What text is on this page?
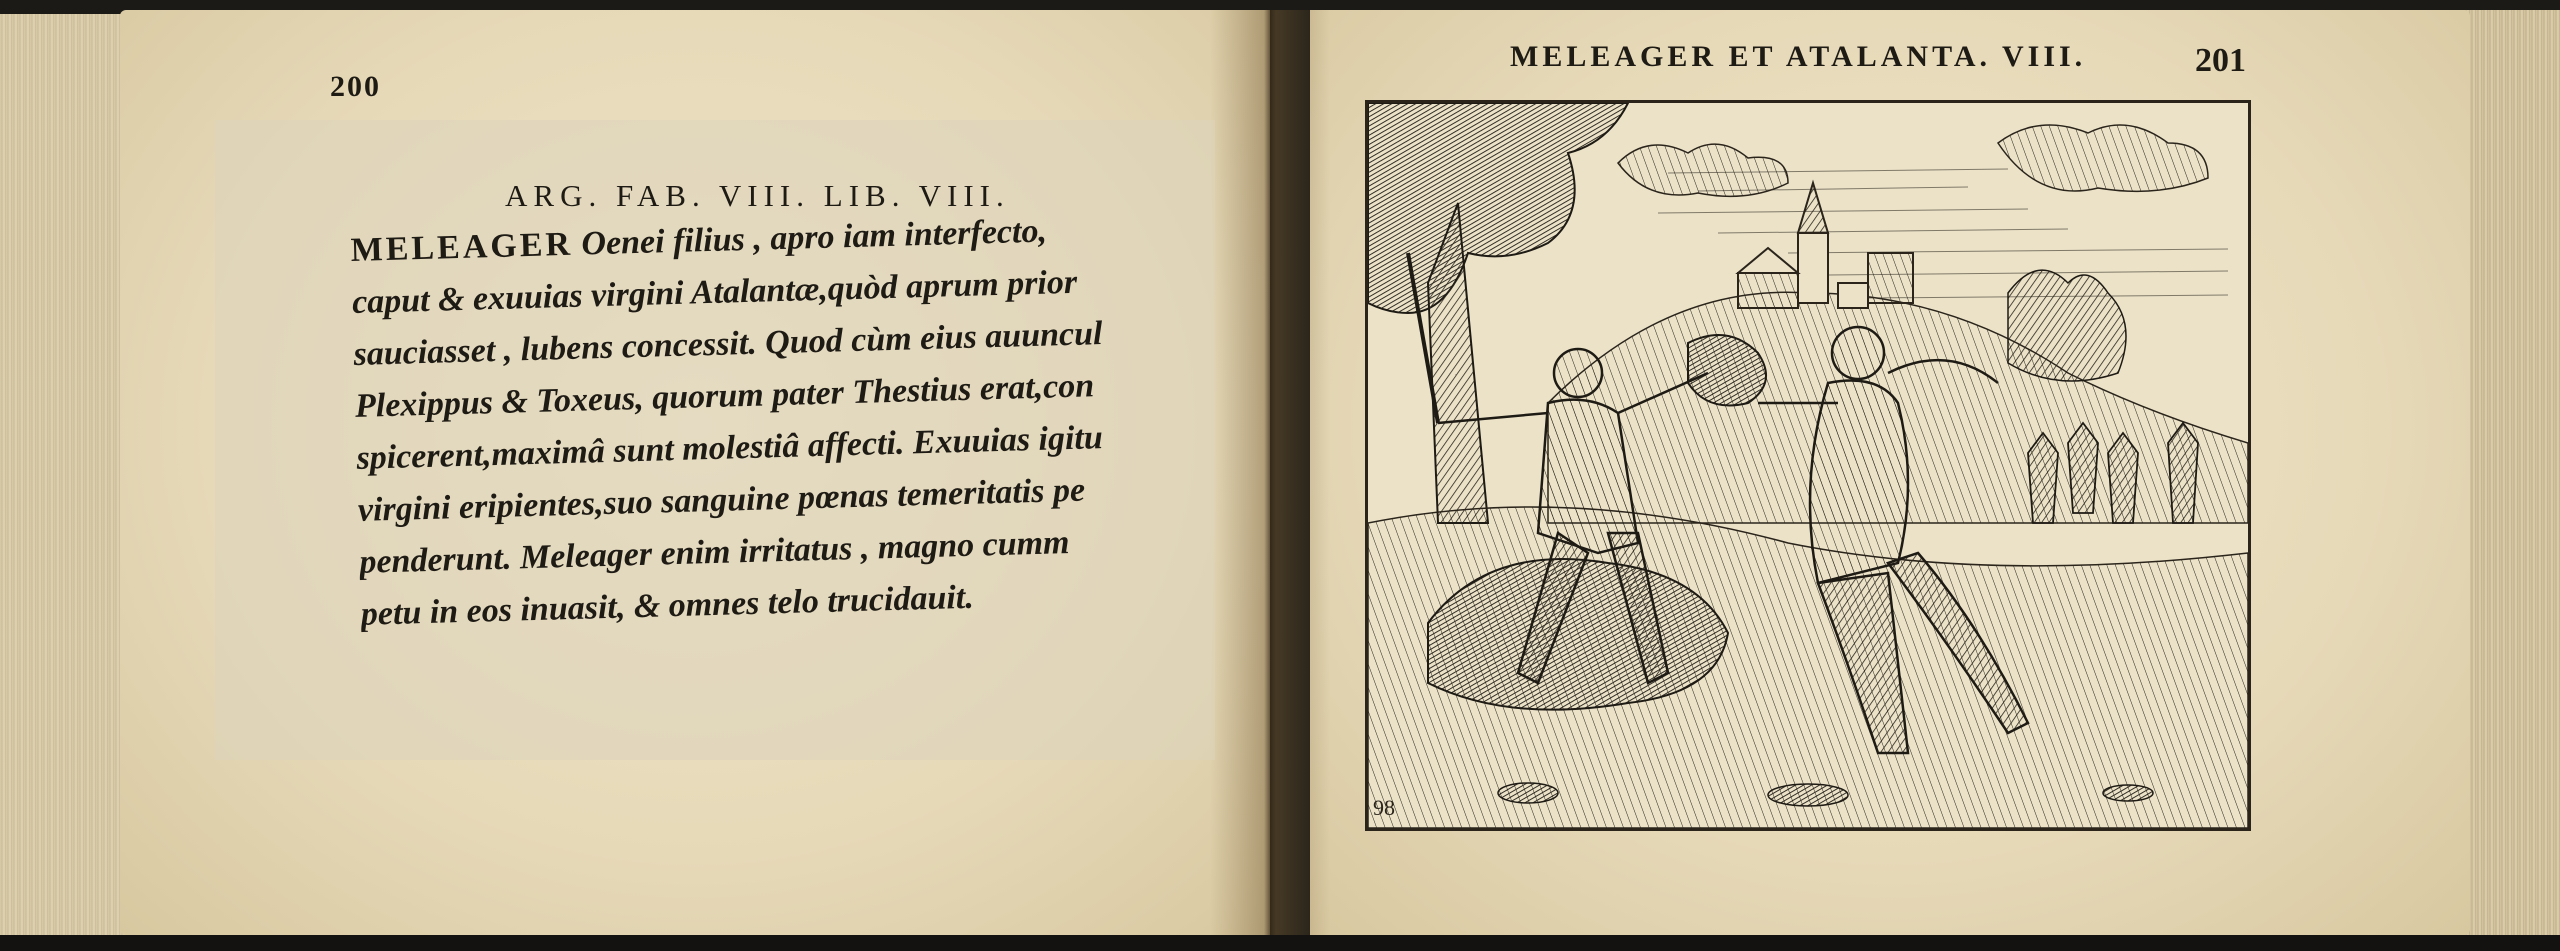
200
ARG. FAB. VIII. LIB. VIII.
MELEAGER Oenei filius , apro iam interfecto,
caput & exuuias virgini Atalantæ,quòd aprum prior
sauciasset , lubens concessit. Quod cùm eius auuncul
Plexippus & Toxeus, quorum pater Thestius erat,con
spicerent,maximâ sunt molestiâ affecti. Exuuias igitu
virgini eripientes,suo sanguine pœnas temeritatis pe
penderunt. Meleager enim irritatus , magno cumm
petu in eos inuasit, & omnes telo trucidauit.
MELEAGER ET ATALANTA. VIII.	201
98
